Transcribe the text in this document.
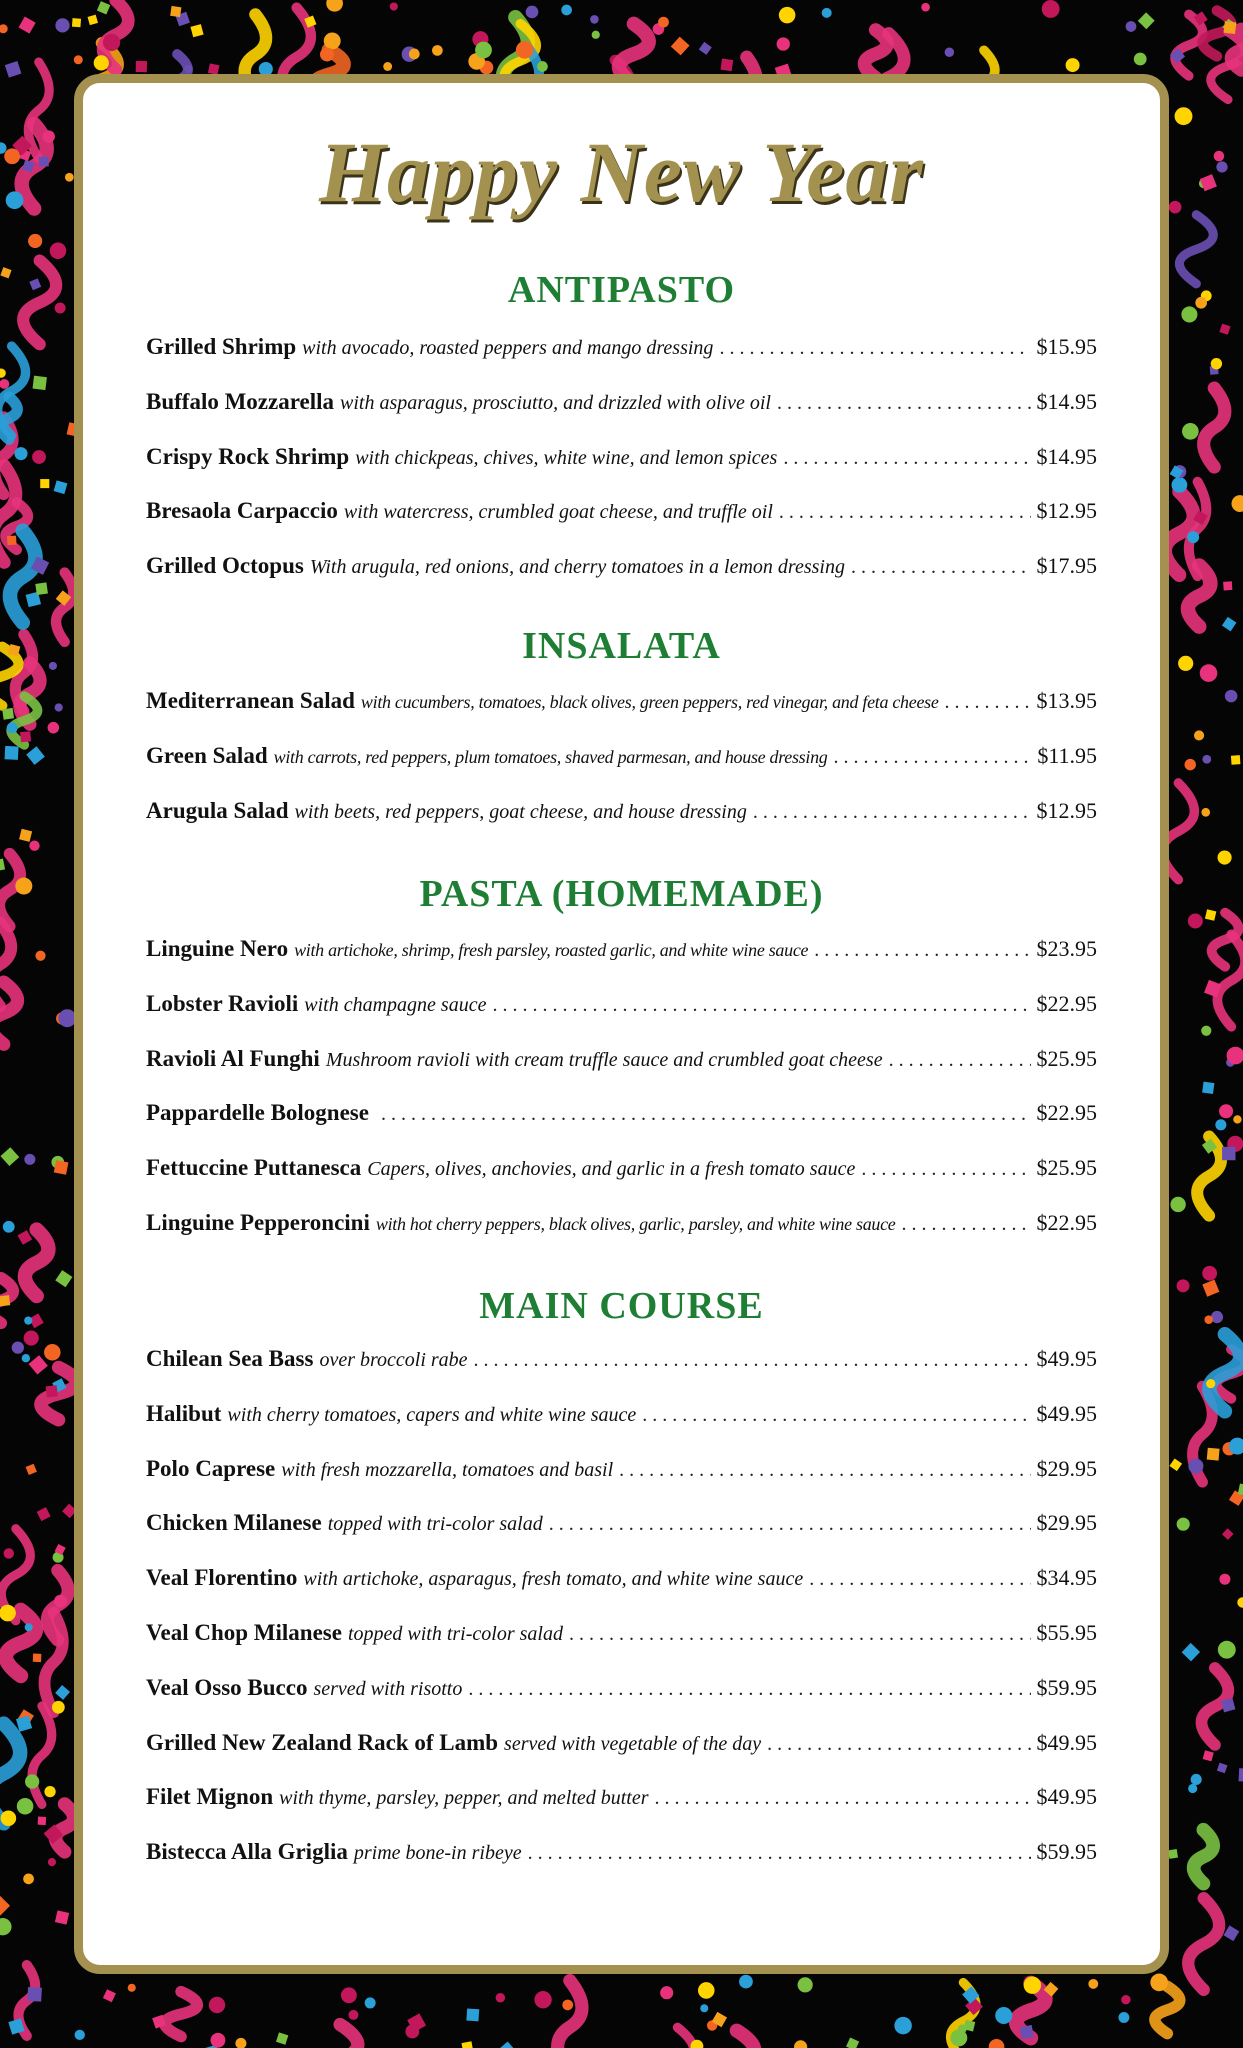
Happy New Year
ANTIPASTO
Grilled Shrimp with avocado, roasted peppers and mango dressing . . .	$15.95
Buffalo Mozzarella with asparagus, prosciutto, and drizzled with olive oil . . .	$14.95
Crispy Rock Shrimp with chickpeas, chives, white wine, and lemon spices . . .	$14.95
Bresaola Carpaccio with watercress, crumbled goat cheese, and truffle oil . . .	$12.95
Grilled Octopus With arugula, red onions, and cherry tomatoes in a lemon dressing . . .	$17.95
INSALATA
Mediterranean Salad with cucumbers, tomatoes, black olives, green peppers, red vinegar, and feta cheese . . .	$13.95
Green Salad with carrots, red peppers, plum tomatoes, shaved parmesan, and house dressing . . .	$11.95
Arugula Salad with beets, red peppers, goat cheese, and house dressing . . .	$12.95
PASTA (HOMEMADE)
Linguine Nero with artichoke, shrimp, fresh parsley, roasted garlic, and white wine sauce . . .	$23.95
Lobster Ravioli with champagne sauce . . .	$22.95
Ravioli Al Funghi Mushroom ravioli with cream truffle sauce and crumbled goat cheese . . .	$25.95
Pappardelle Bolognese . . .	$22.95
Fettuccine Puttanesca Capers, olives, anchovies, and garlic in a fresh tomato sauce . . .	$25.95
Linguine Pepperoncini with hot cherry peppers, black olives, garlic, parsley, and white wine sauce . . .	$22.95
MAIN COURSE
Chilean Sea Bass over broccoli rabe . . .	$49.95
Halibut with cherry tomatoes, capers and white wine sauce . . .	$49.95
Polo Caprese with fresh mozzarella, tomatoes and basil . . .	$29.95
Chicken Milanese topped with tri-color salad . . .	$29.95
Veal Florentino with artichoke, asparagus, fresh tomato, and white wine sauce . . .	$34.95
Veal Chop Milanese topped with tri-color salad . . .	$55.95
Veal Osso Bucco served with risotto . . .	$59.95
Grilled New Zealand Rack of Lamb served with vegetable of the day . . .	$49.95
Filet Mignon with thyme, parsley, pepper, and melted butter . . .	$49.95
Bistecca Alla Griglia prime bone-in ribeye . . .	$59.95
